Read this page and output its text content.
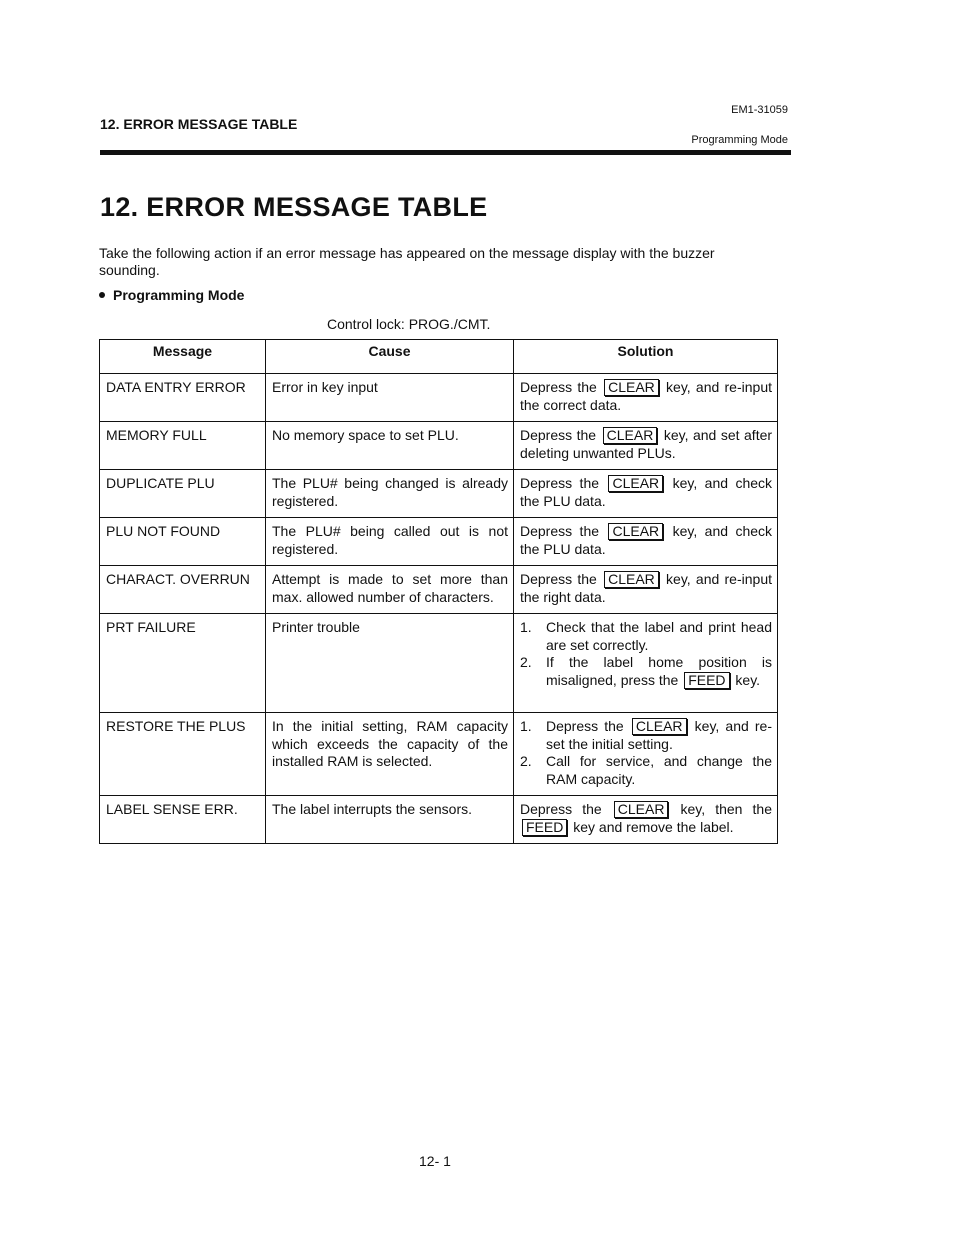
12. ERROR MESSAGE TABLE
EM1-31059
Programming Mode
12. ERROR MESSAGE TABLE
Take the following action if an error message has appeared on the message display with the buzzer sounding.
Programming Mode
Control lock: PROG./CMT.
Message	Cause	Solution
DATA ENTRY ERROR	Error in key input	Depress the CLEAR key, and re-input the correct data.
MEMORY FULL	No memory space to set PLU.	Depress the CLEAR key, and set after deleting unwanted PLUs.
DUPLICATE PLU	The PLU# being changed is already registered.	Depress the CLEAR key, and check the PLU data.
PLU NOT FOUND	The PLU# being called out is not registered.	Depress the CLEAR key, and check the PLU data.
CHARACT. OVERRUN	Attempt is made to set more than max. allowed number of characters.	Depress the CLEAR key, and re-input the right data.
PRT FAILURE	Printer trouble	1. Check that the label and print head are set correctly.
2. If the label home position is misaligned, press the FEED key.

RESTORE THE PLUS	In the initial setting, RAM capacity which exceeds the capacity of the installed RAM is selected.	1. Depress the CLEAR key, and re-set the initial setting.
2. Call for service, and change the RAM capacity.

LABEL SENSE ERR.	The label interrupts the sensors.	Depress the CLEAR key, then the FEED key and remove the label.
12- 1
